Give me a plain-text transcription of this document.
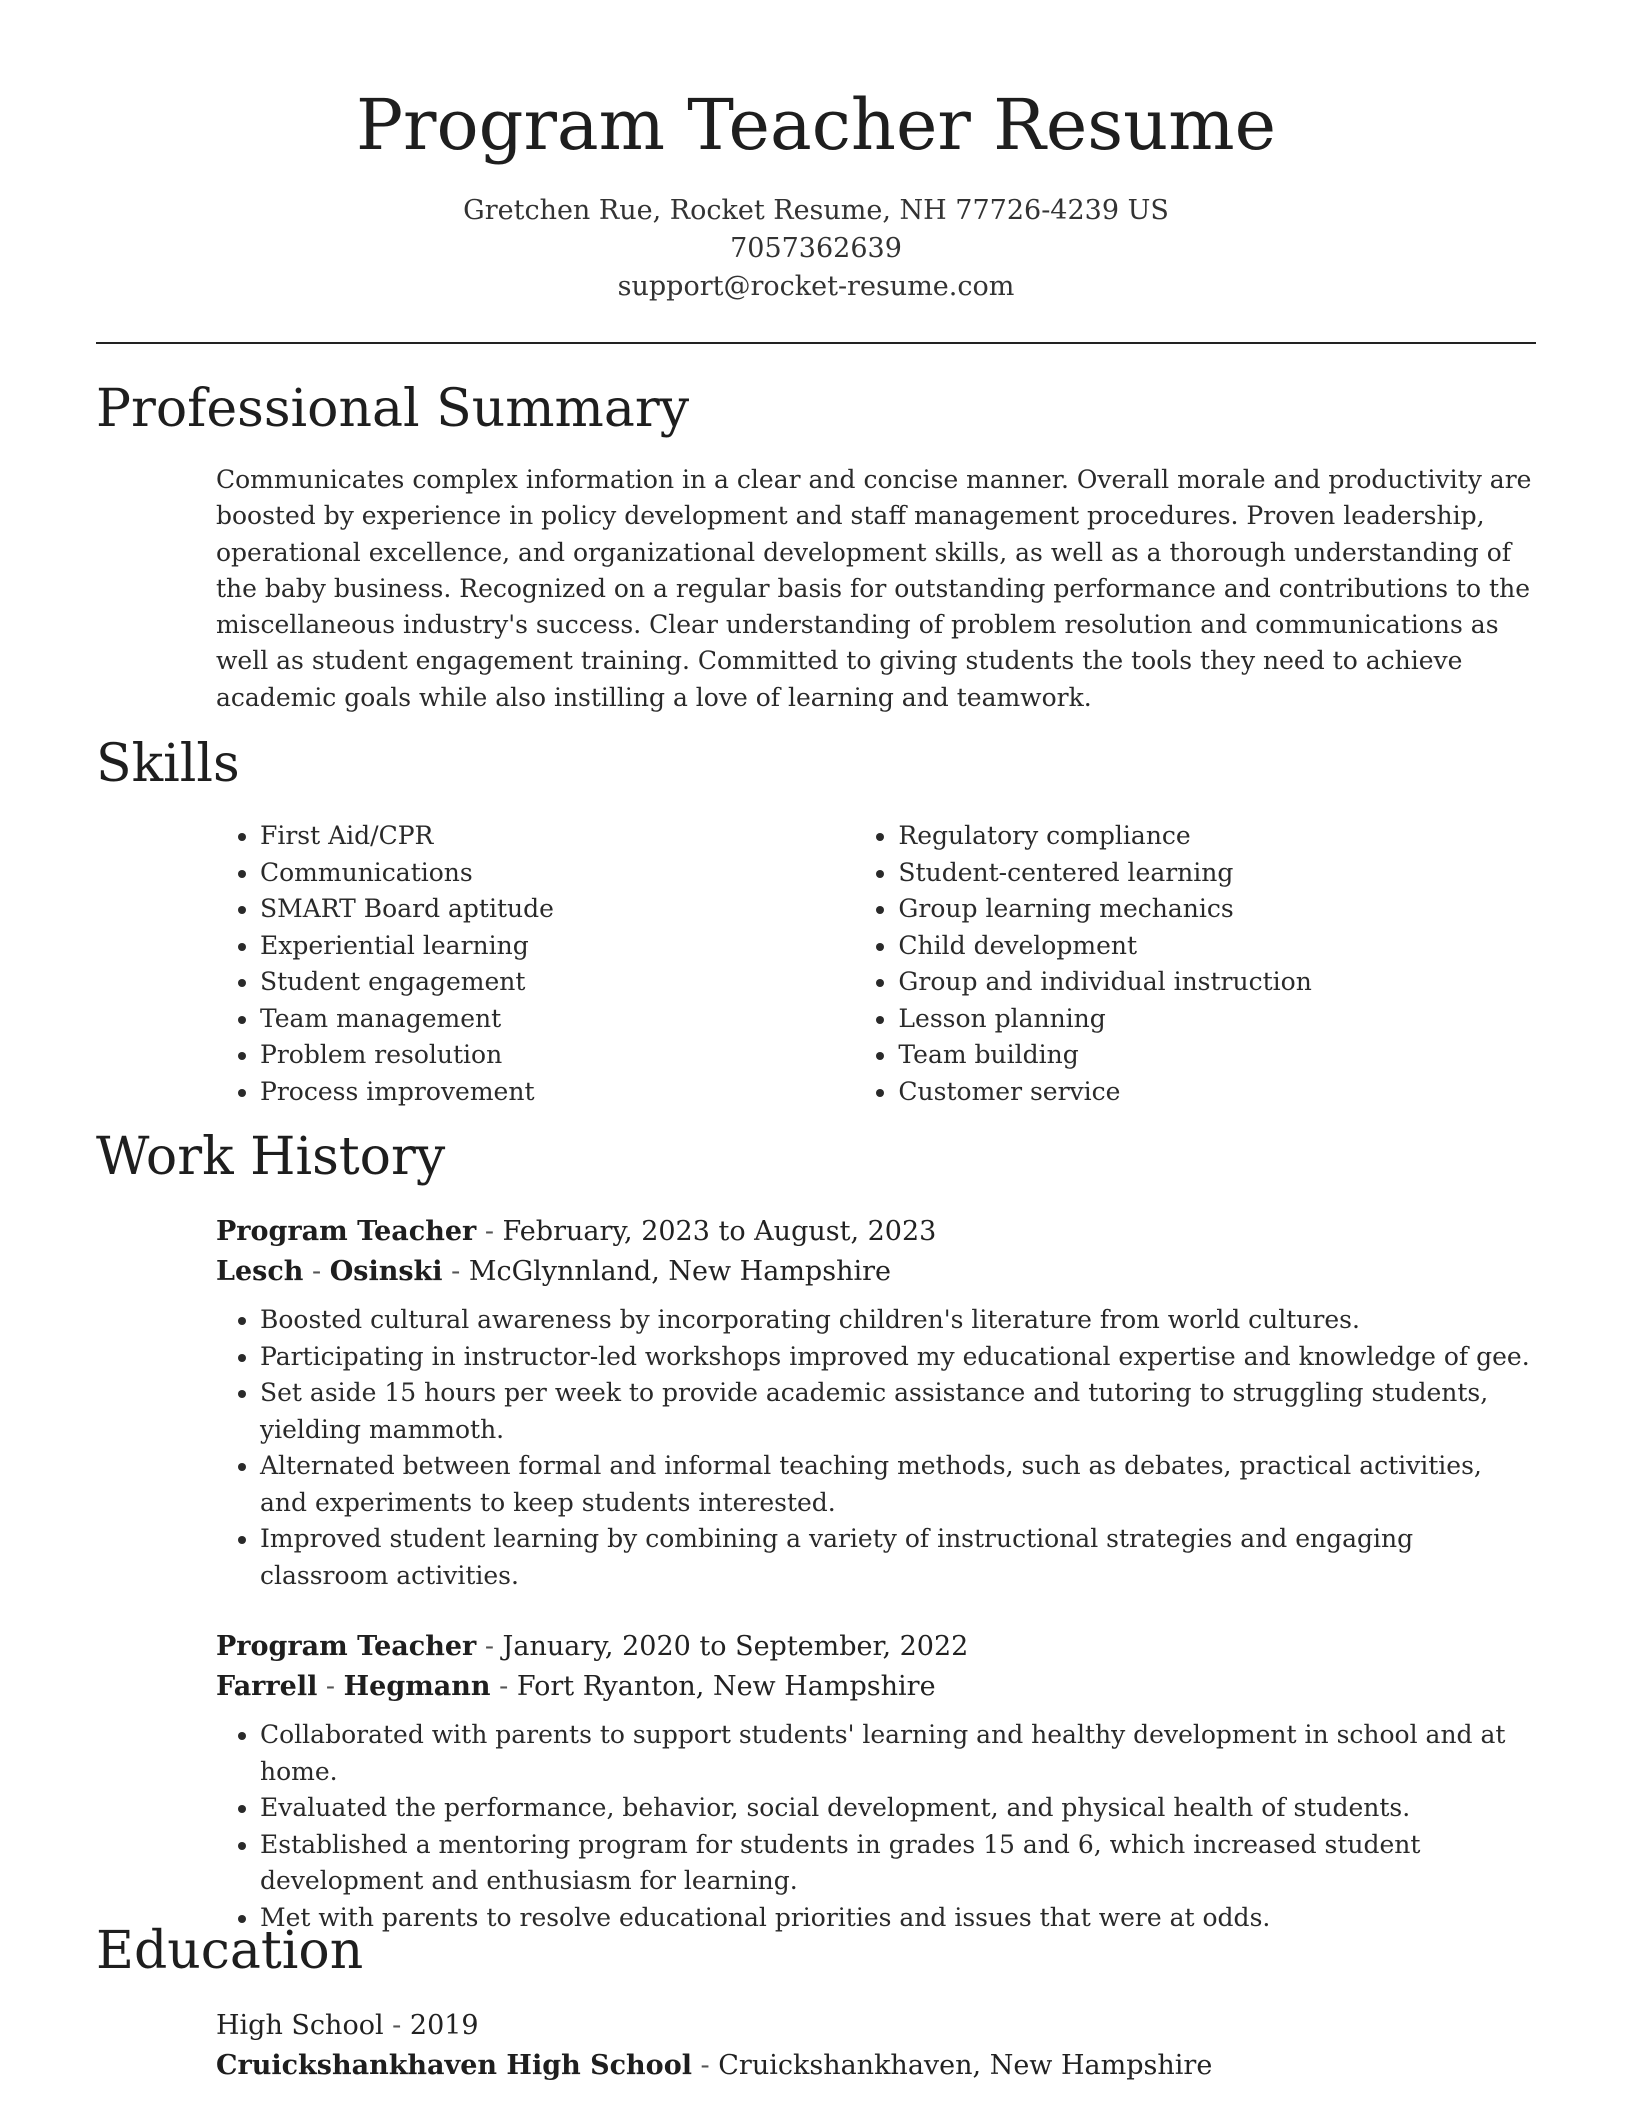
Program Teacher Resume
Gretchen Rue, Rocket Resume, NH 77726-4239 US
7057362639
support@rocket-resume.com
Professional Summary
Communicates complex information in a clear and concise manner. Overall morale and productivity are boosted by experience in policy development and staff management procedures. Proven leadership, operational excellence, and organizational development skills, as well as a thorough understanding of the baby business. Recognized on a regular basis for outstanding performance and contributions to the miscellaneous industry's success. Clear understanding of problem resolution and communications as well as student engagement training. Committed to giving students the tools they need to achieve academic goals while also instilling a love of learning and teamwork.
Skills
• First Aid/CPR
• Communications
• SMART Board aptitude
• Experiential learning
• Student engagement
• Team management
• Problem resolution
• Process improvement
• Regulatory compliance
• Student-centered learning
• Group learning mechanics
• Child development
• Group and individual instruction
• Lesson planning
• Team building
• Customer service
Work History
Program Teacher - February, 2023 to August, 2023
Lesch - Osinski - McGlynnland, New Hampshire
• Boosted cultural awareness by incorporating children's literature from world cultures.
• Participating in instructor-led workshops improved my educational expertise and knowledge of gee.
• Set aside 15 hours per week to provide academic assistance and tutoring to struggling students, yielding mammoth.
• Alternated between formal and informal teaching methods, such as debates, practical activities, and experiments to keep students interested.
• Improved student learning by combining a variety of instructional strategies and engaging classroom activities.
Program Teacher - January, 2020 to September, 2022
Farrell - Hegmann - Fort Ryanton, New Hampshire
• Collaborated with parents to support students' learning and healthy development in school and at home.
• Evaluated the performance, behavior, social development, and physical health of students.
• Established a mentoring program for students in grades 15 and 6, which increased student development and enthusiasm for learning.
• Met with parents to resolve educational priorities and issues that were at odds.
Education
High School - 2019
Cruickshankhaven High School - Cruickshankhaven, New Hampshire
